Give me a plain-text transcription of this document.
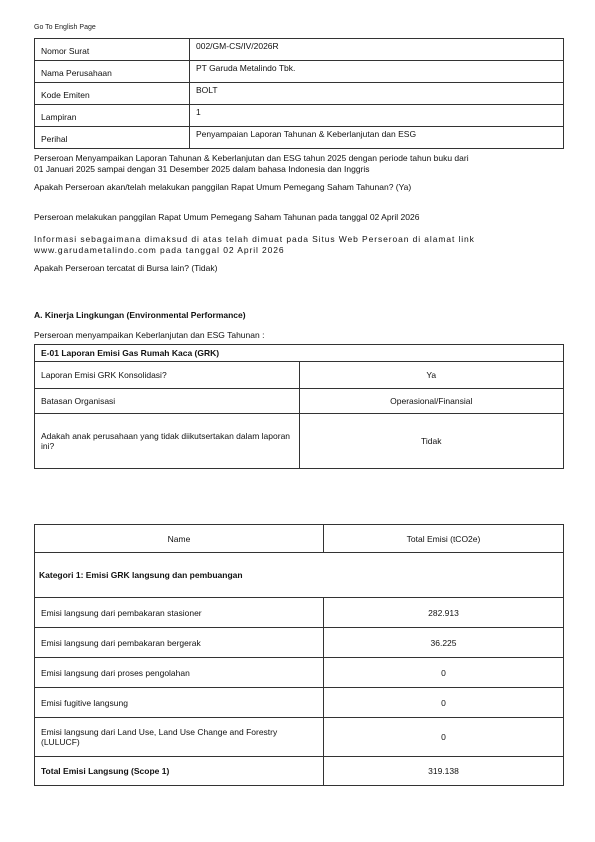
Go To English Page
Nomor Surat	002/GM-CS/IV/2026R
Nama Perusahaan	PT Garuda Metalindo Tbk.
Kode Emiten	BOLT
Lampiran	1
Perihal	Penyampaian Laporan Tahunan & Keberlanjutan dan ESG
Perseroan Menyampaikan Laporan Tahunan & Keberlanjutan dan ESG tahun 2025 dengan periode tahun buku dari
01 Januari 2025 sampai dengan 31 Desember 2025 dalam bahasa Indonesia dan Inggris
Apakah Perseroan akan/telah melakukan panggilan Rapat Umum Pemegang Saham Tahunan? (Ya)
Perseroan melakukan panggilan Rapat Umum Pemegang Saham Tahunan pada tanggal 02 April 2026
Informasi sebagaimana dimaksud di atas telah dimuat pada Situs Web Perseroan di alamat link
www.garudametalindo.com pada tanggal 02 April 2026
Apakah Perseroan tercatat di Bursa lain? (Tidak)
A. Kinerja Lingkungan (Environmental Performance)
Perseroan menyampaikan Keberlanjutan dan ESG Tahunan :
E-01 Laporan Emisi Gas Rumah Kaca (GRK)	
Laporan Emisi GRK Konsolidasi?	Ya
Batasan Organisasi	Operasional/Finansial
Adakah anak perusahaan yang tidak diikutsertakan dalam laporan ini?	Tidak
Name	Total Emisi (tCO2e)
Kategori 1: Emisi GRK langsung dan pembuangan	
Emisi langsung dari pembakaran stasioner	282.913
Emisi langsung dari pembakaran bergerak	36.225
Emisi langsung dari proses pengolahan	0
Emisi fugitive langsung	0
Emisi langsung dari Land Use, Land Use Change and Forestry (LULUCF)	0
Total Emisi Langsung (Scope 1)	319.138
